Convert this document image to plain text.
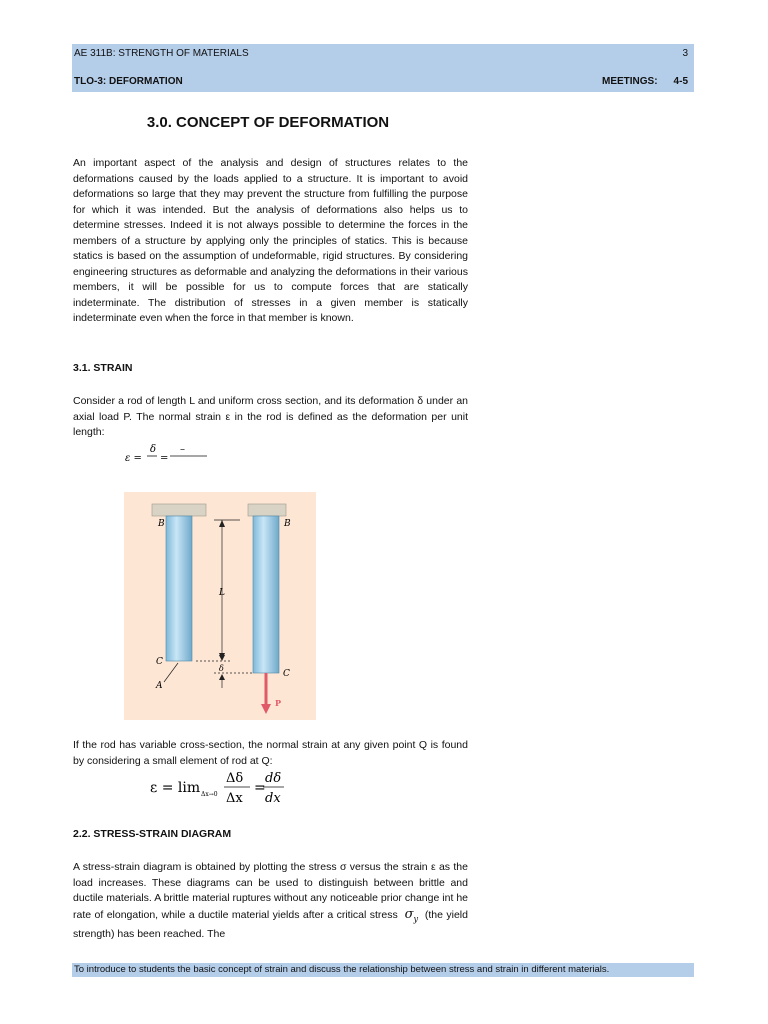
AE 311B: STRENGTH OF MATERIALS	3
TLO-3: DEFORMATION	MEETINGS: 4-5
3.0. CONCEPT OF DEFORMATION
An important aspect of the analysis and design of structures relates to the deformations caused by the loads applied to a structure. It is important to avoid deformations so large that they may prevent the structure from fulfilling the purpose for which it was intended. But the analysis of deformations also helps us to determine stresses. Indeed it is not always possible to determine the forces in the members of a structure by applying only the principles of statics. This is because statics is based on the assumption of undeformable, rigid structures. By considering engineering structures as deformable and analyzing the deformations in their various members, it will be possible for us to compute forces that are statically indeterminate. The distribution of stresses in a given member is statically indeterminate even when the force in that member is known.
3.1. STRAIN
Consider a rod of length L and uniform cross section, and its deformation δ under an axial load P. The normal strain ε in the rod is defined as the deformation per unit length:
ε =
δ
=
–
B	B
L
C
C
A
δ
P
If the rod has variable cross-section, the normal strain at any given point Q is found by considering a small element of rod at Q:
ε = lim Δx→0
Δδ
Δx
=
dδ
dx
2.2. STRESS-STRAIN DIAGRAM
A stress-strain diagram is obtained by plotting the stress σ versus the strain ε as the load increases. These diagrams can be used to distinguish between brittle and ductile materials. A brittle material ruptures without any noticeable prior change int he rate of elongation, while a ductile material yields after a critical stress $\sigma_y$ (the yield strength) has been reached. The
To introduce to students the basic concept of strain and discuss the relationship between stress and strain in different materials.
